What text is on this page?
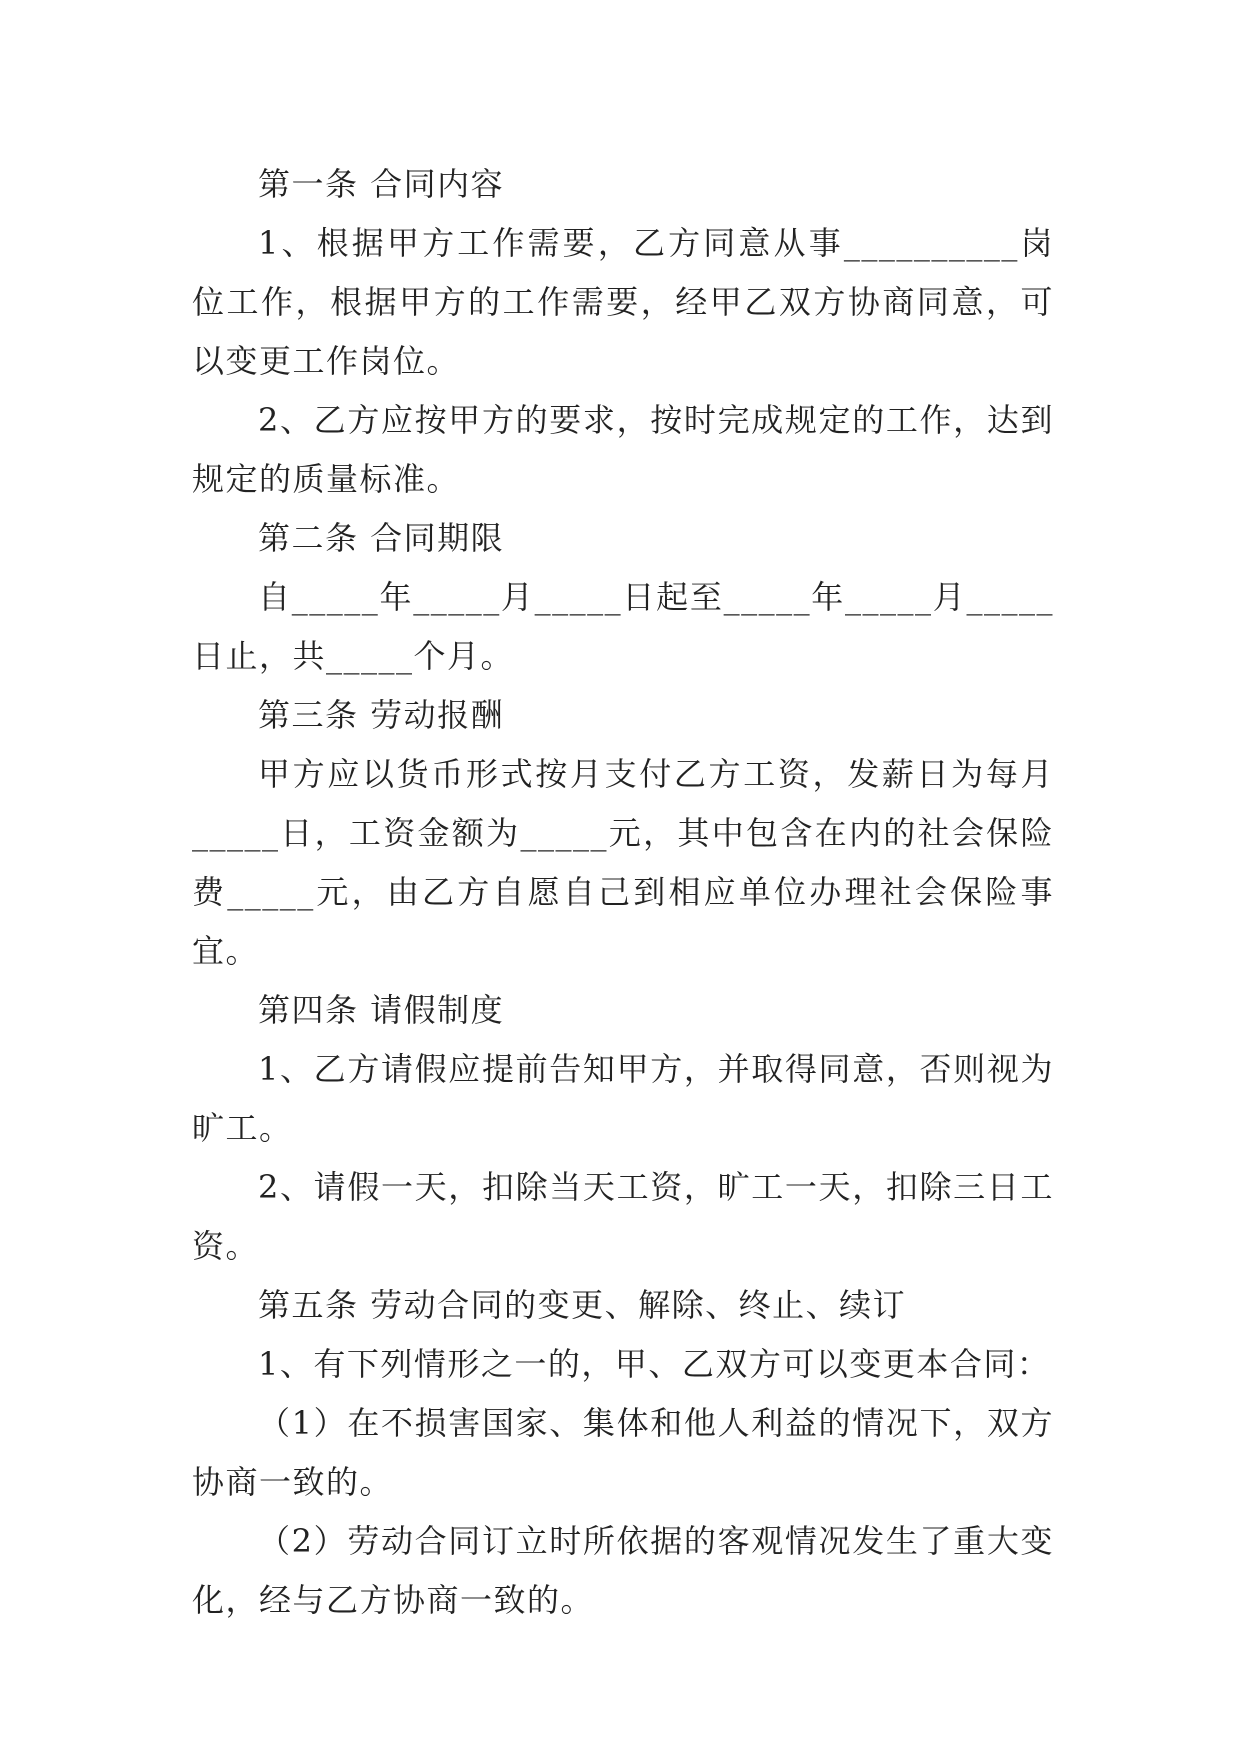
第一条 合同内容

1、根据甲方工作需要，乙方同意从事__________岗位工作，根据甲方的工作需要，经甲乙双方协商同意，可以变更工作岗位。

2、乙方应按甲方的要求，按时完成规定的工作，达到规定的质量标准。

第二条 合同期限

自_____年_____月_____日起至_____年_____月_____日止，共_____个月。

第三条 劳动报酬

甲方应以货币形式按月支付乙方工资，发薪日为每月_____日，工资金额为_____元，其中包含在内的社会保险费_____元，由乙方自愿自己到相应单位办理社会保险事宜。

第四条 请假制度

1、乙方请假应提前告知甲方，并取得同意，否则视为旷工。

2、请假一天，扣除当天工资，旷工一天，扣除三日工资。

第五条 劳动合同的变更、解除、终止、续订

1、有下列情形之一的，甲、乙双方可以变更本合同：

（1）在不损害国家、集体和他人利益的情况下，双方协商一致的。

（2）劳动合同订立时所依据的客观情况发生了重大变化，经与乙方协商一致的。
